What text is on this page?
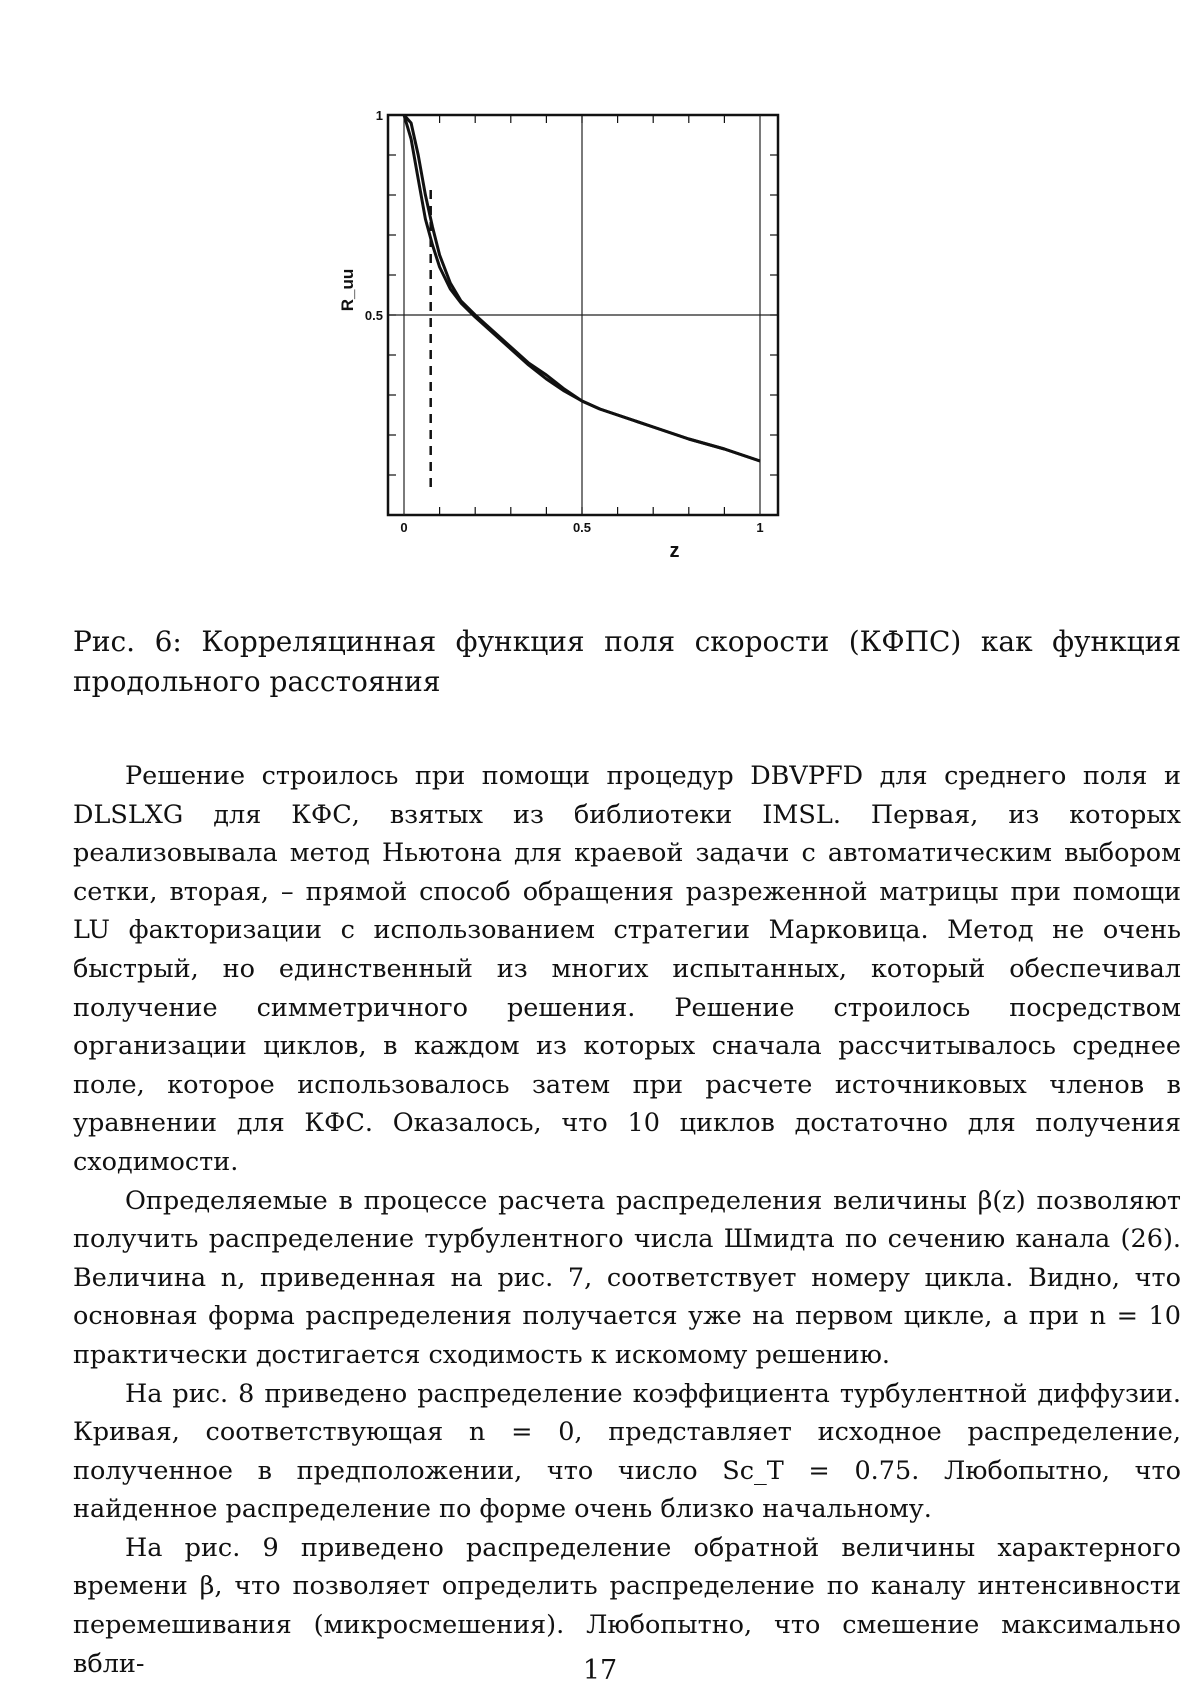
0	0.5	1
1
0.5
z
R_uu
Рис. 6: Корреляцинная функция поля скорости (КФПС) как функция продольного расстояния

Решение строилось при помощи процедур DBVPFD для среднего поля и DLSLXG для КФС, взятых из библиотеки IMSL. Первая, из которых реализовывала метод Ньютона для краевой задачи с автоматическим выбором сетки, вторая, – прямой способ обращения разреженной матрицы при помощи LU факторизации с использованием стратегии Марковица. Метод не очень быстрый, но единственный из многих испытанных, который обеспечивал получение симметричного решения. Решение строилось посредством организации циклов, в каждом из которых сначала рассчитывалось среднее поле, которое использовалось затем при расчете источниковых членов в уравнении для КФС. Оказалось, что 10 циклов достаточно для получения сходимости.

Определяемые в процессе расчета распределения величины β(z) позволяют получить распределение турбулентного числа Шмидта по сечению канала (26). Величина n, приведенная на рис. 7, соответствует номеру цикла. Видно, что основная форма распределения получается уже на первом цикле, а при n = 10 практически достигается сходимость к искомому решению.

На рис. 8 приведено распределение коэффициента турбулентной диффузии. Кривая, соответствующая n = 0, представляет исходное распределение, полученное в предположении, что число Sc_T = 0.75. Любопытно, что найденное распределение по форме очень близко начальному.

На рис. 9 приведено распределение обратной величины характерного времени β, что позволяет определить распределение по каналу интенсивности перемешивания (микросмешения). Любопытно, что смешение максимально вбли-	17
